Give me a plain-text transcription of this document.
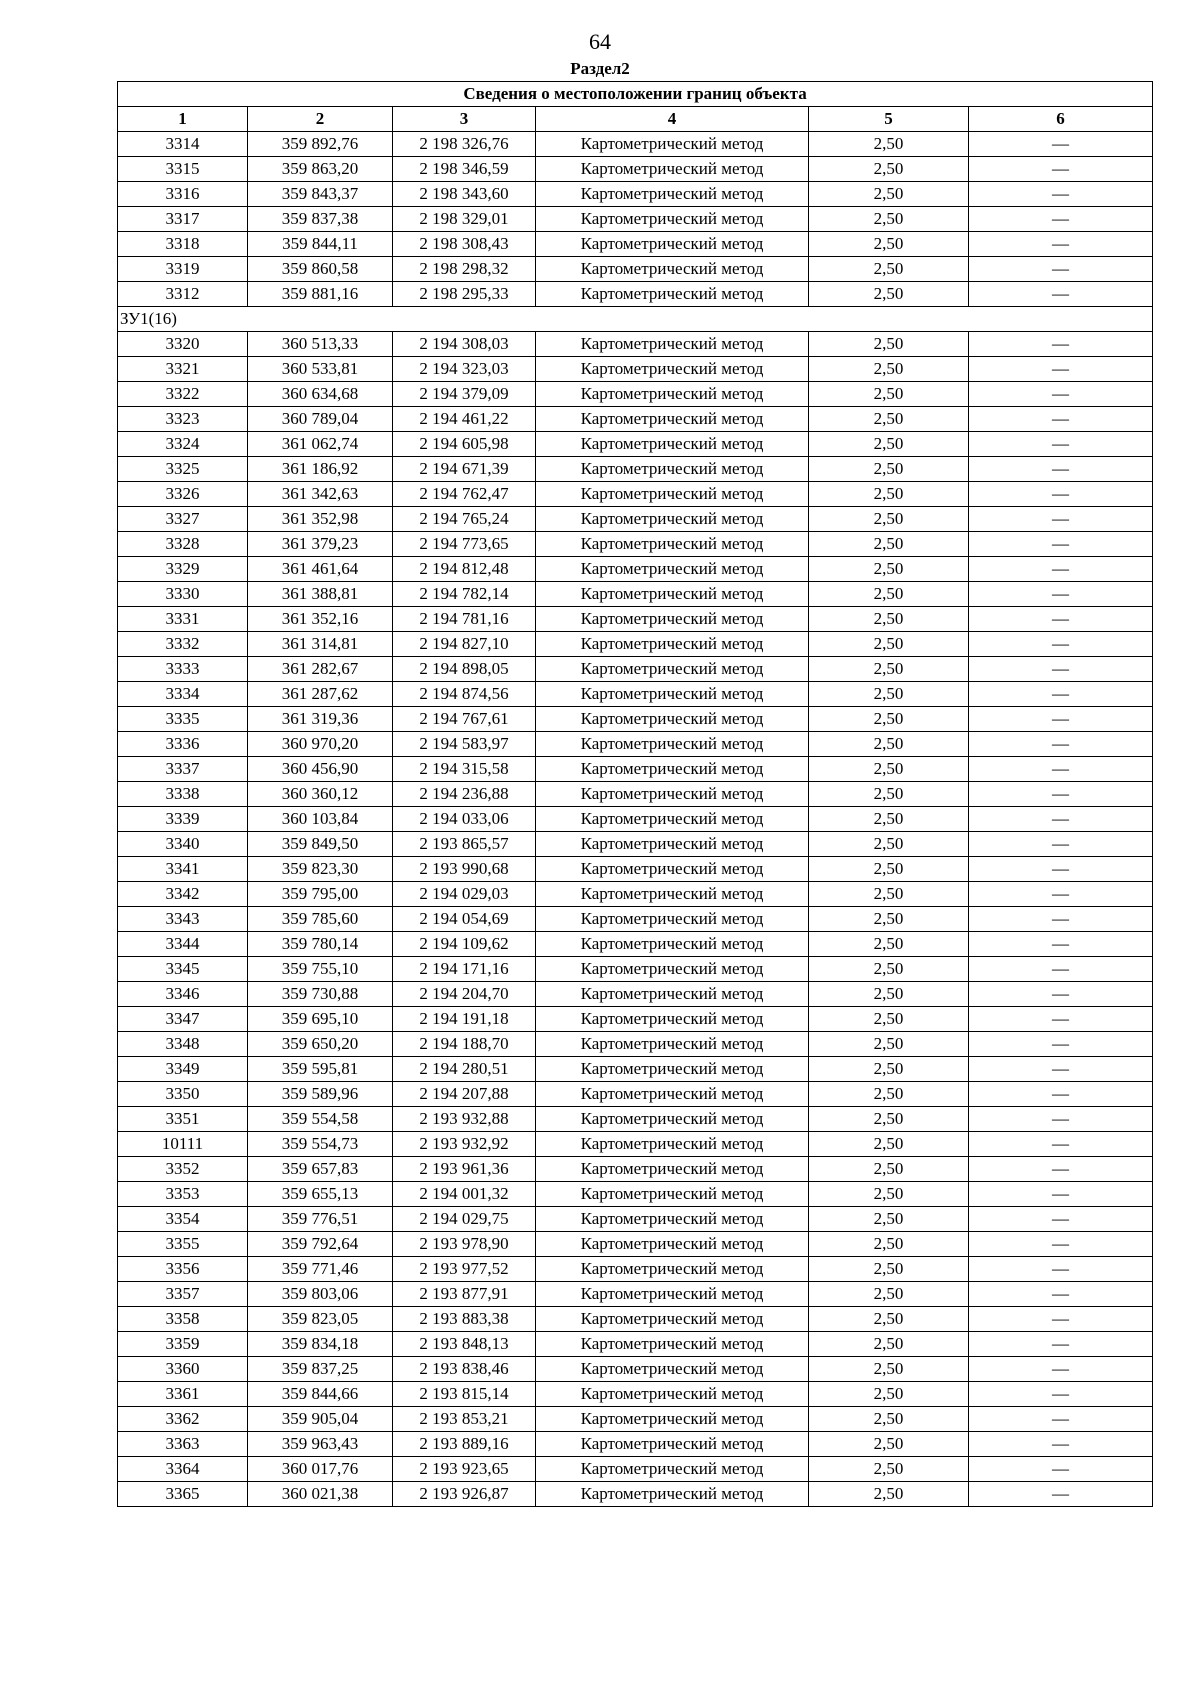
64
Раздел2
Сведения о местоположении границ объекта					
1	2	3	4	5	6
3314	359 892,76	2 198 326,76	Картометрический метод	2,50	—
3315	359 863,20	2 198 346,59	Картометрический метод	2,50	—
3316	359 843,37	2 198 343,60	Картометрический метод	2,50	—
3317	359 837,38	2 198 329,01	Картометрический метод	2,50	—
3318	359 844,11	2 198 308,43	Картометрический метод	2,50	—
3319	359 860,58	2 198 298,32	Картометрический метод	2,50	—
3312	359 881,16	2 198 295,33	Картометрический метод	2,50	—
ЗУ1(16)					
3320	360 513,33	2 194 308,03	Картометрический метод	2,50	—
3321	360 533,81	2 194 323,03	Картометрический метод	2,50	—
3322	360 634,68	2 194 379,09	Картометрический метод	2,50	—
3323	360 789,04	2 194 461,22	Картометрический метод	2,50	—
3324	361 062,74	2 194 605,98	Картометрический метод	2,50	—
3325	361 186,92	2 194 671,39	Картометрический метод	2,50	—
3326	361 342,63	2 194 762,47	Картометрический метод	2,50	—
3327	361 352,98	2 194 765,24	Картометрический метод	2,50	—
3328	361 379,23	2 194 773,65	Картометрический метод	2,50	—
3329	361 461,64	2 194 812,48	Картометрический метод	2,50	—
3330	361 388,81	2 194 782,14	Картометрический метод	2,50	—
3331	361 352,16	2 194 781,16	Картометрический метод	2,50	—
3332	361 314,81	2 194 827,10	Картометрический метод	2,50	—
3333	361 282,67	2 194 898,05	Картометрический метод	2,50	—
3334	361 287,62	2 194 874,56	Картометрический метод	2,50	—
3335	361 319,36	2 194 767,61	Картометрический метод	2,50	—
3336	360 970,20	2 194 583,97	Картометрический метод	2,50	—
3337	360 456,90	2 194 315,58	Картометрический метод	2,50	—
3338	360 360,12	2 194 236,88	Картометрический метод	2,50	—
3339	360 103,84	2 194 033,06	Картометрический метод	2,50	—
3340	359 849,50	2 193 865,57	Картометрический метод	2,50	—
3341	359 823,30	2 193 990,68	Картометрический метод	2,50	—
3342	359 795,00	2 194 029,03	Картометрический метод	2,50	—
3343	359 785,60	2 194 054,69	Картометрический метод	2,50	—
3344	359 780,14	2 194 109,62	Картометрический метод	2,50	—
3345	359 755,10	2 194 171,16	Картометрический метод	2,50	—
3346	359 730,88	2 194 204,70	Картометрический метод	2,50	—
3347	359 695,10	2 194 191,18	Картометрический метод	2,50	—
3348	359 650,20	2 194 188,70	Картометрический метод	2,50	—
3349	359 595,81	2 194 280,51	Картометрический метод	2,50	—
3350	359 589,96	2 194 207,88	Картометрический метод	2,50	—
3351	359 554,58	2 193 932,88	Картометрический метод	2,50	—
10111	359 554,73	2 193 932,92	Картометрический метод	2,50	—
3352	359 657,83	2 193 961,36	Картометрический метод	2,50	—
3353	359 655,13	2 194 001,32	Картометрический метод	2,50	—
3354	359 776,51	2 194 029,75	Картометрический метод	2,50	—
3355	359 792,64	2 193 978,90	Картометрический метод	2,50	—
3356	359 771,46	2 193 977,52	Картометрический метод	2,50	—
3357	359 803,06	2 193 877,91	Картометрический метод	2,50	—
3358	359 823,05	2 193 883,38	Картометрический метод	2,50	—
3359	359 834,18	2 193 848,13	Картометрический метод	2,50	—
3360	359 837,25	2 193 838,46	Картометрический метод	2,50	—
3361	359 844,66	2 193 815,14	Картометрический метод	2,50	—
3362	359 905,04	2 193 853,21	Картометрический метод	2,50	—
3363	359 963,43	2 193 889,16	Картометрический метод	2,50	—
3364	360 017,76	2 193 923,65	Картометрический метод	2,50	—
3365	360 021,38	2 193 926,87	Картометрический метод	2,50	—
